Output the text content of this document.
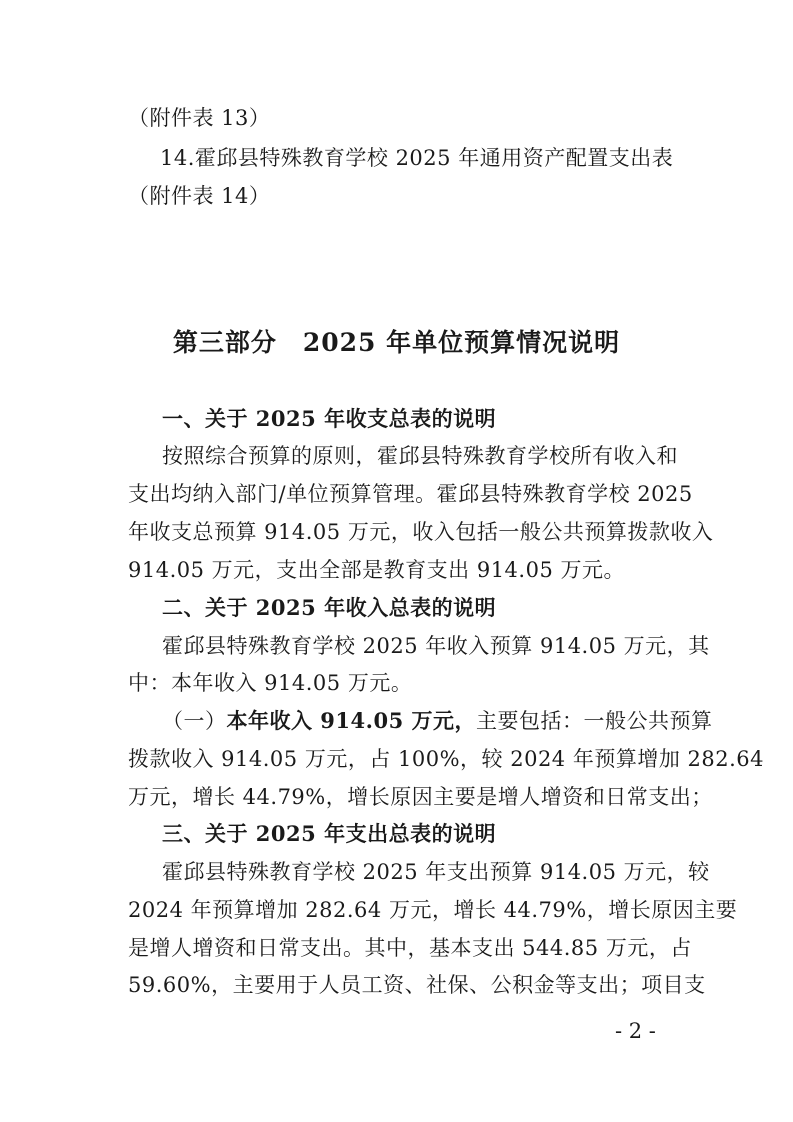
（附件表 13）
14.霍邱县特殊教育学校 2025 年通用资产配置支出表
（附件表 14）
第三部分 2025 年单位预算情况说明
一、关于 2025 年收支总表的说明
按照综合预算的原则，霍邱县特殊教育学校所有收入和
支出均纳入部门/单位预算管理。霍邱县特殊教育学校 2025
年收支总预算 914.05 万元，收入包括一般公共预算拨款收入
914.05 万元，支出全部是教育支出 914.05 万元。
二、关于 2025 年收入总表的说明
霍邱县特殊教育学校 2025 年收入预算 914.05 万元，其
中：本年收入 914.05 万元。
（一）本年收入 914.05 万元，主要包括：一般公共预算
拨款收入 914.05 万元，占 100%，较 2024 年预算增加 282.64
万元，增长 44.79%，增长原因主要是增人增资和日常支出；
三、关于 2025 年支出总表的说明
霍邱县特殊教育学校 2025 年支出预算 914.05 万元，较
2024 年预算增加 282.64 万元，增长 44.79%，增长原因主要
是增人增资和日常支出。其中，基本支出 544.85 万元，占
59.60%，主要用于人员工资、社保、公积金等支出；项目支
- 2 -
